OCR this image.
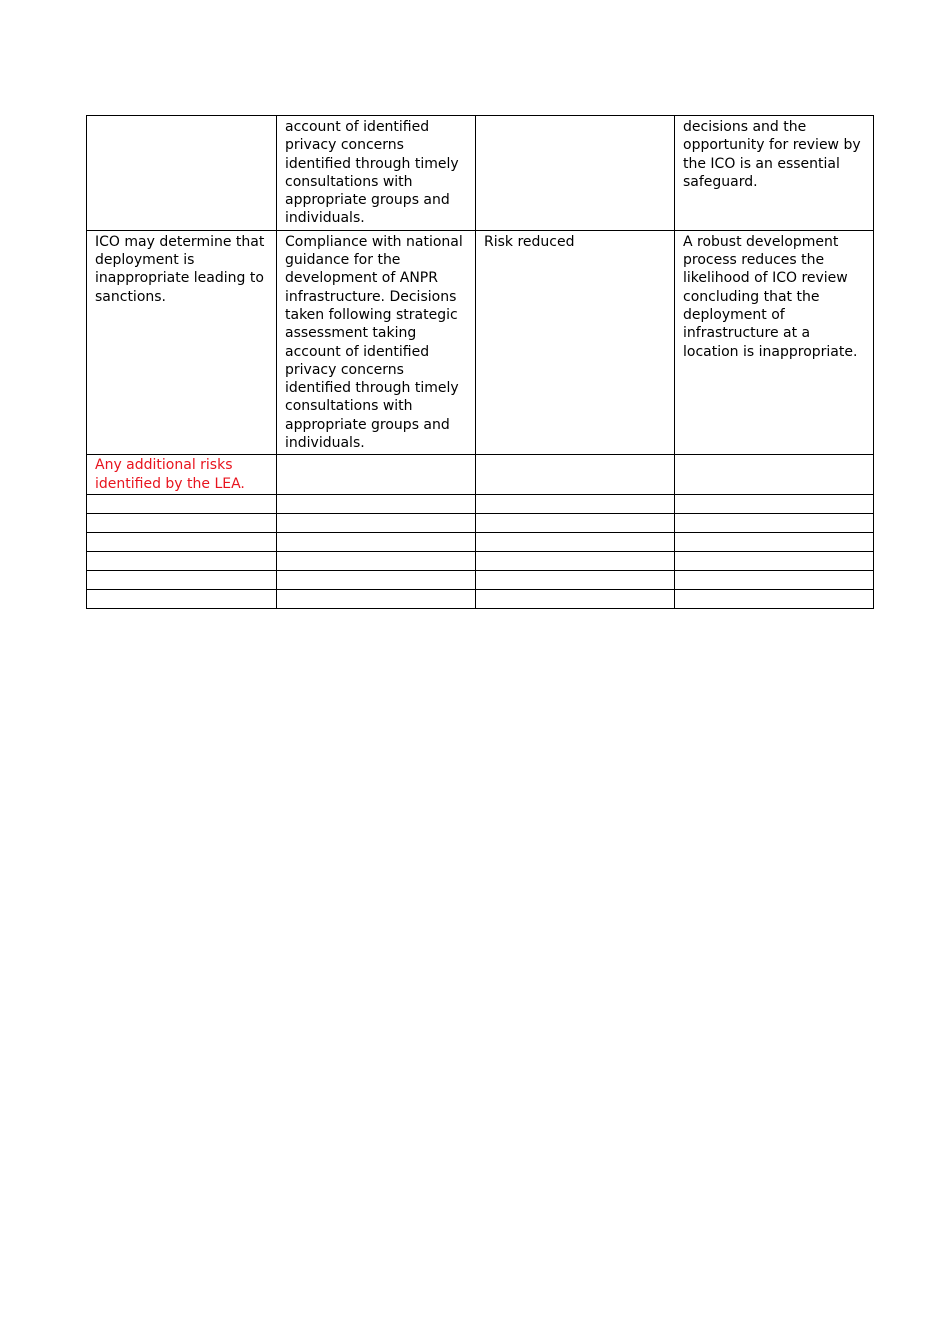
	account of identified privacy concerns identified through timely consultations with appropriate groups and individuals.		decisions and the opportunity for review by the ICO is an essential safeguard.
ICO may determine that deployment is inappropriate leading to sanctions.	Compliance with national guidance for the development of ANPR infrastructure. Decisions taken following strategic assessment taking account of identified privacy concerns identified through timely consultations with appropriate groups and individuals.	Risk reduced	A robust development process reduces the likelihood of ICO review concluding that the deployment of infrastructure at a location is inappropriate.
Any additional risks identified by the LEA.			
